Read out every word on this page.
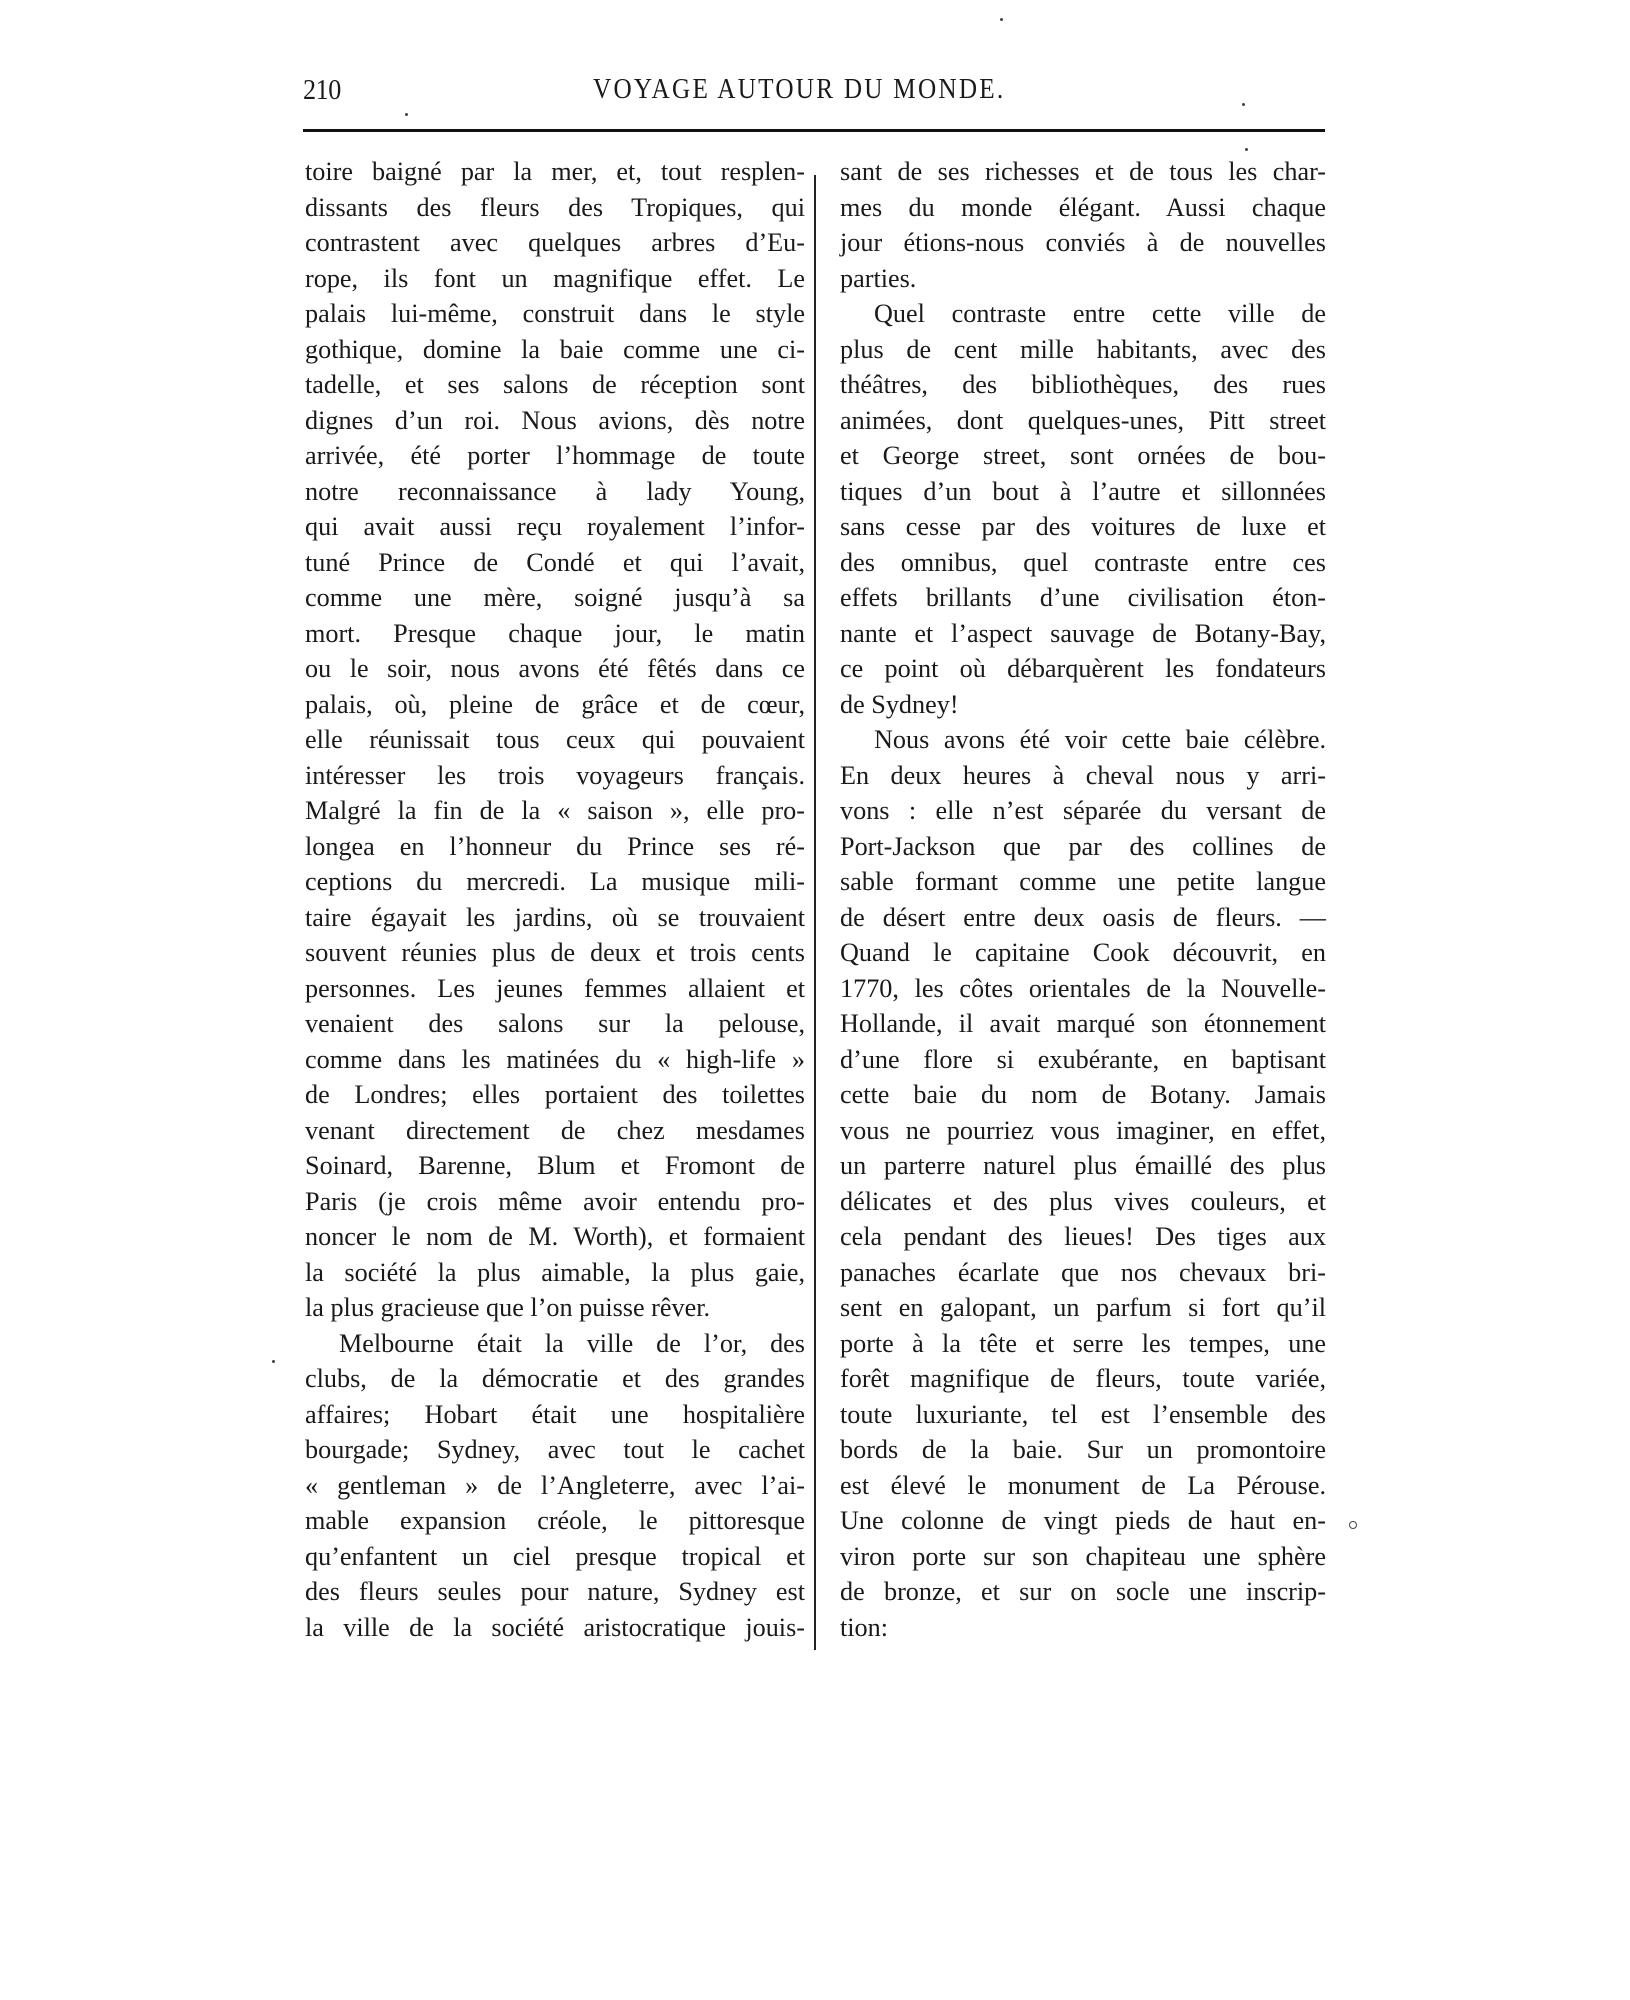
210	VOYAGE AUTOUR DU MONDE.
toire baigné par la mer, et, tout resplen-
dissants des fleurs des Tropiques, qui
contrastent avec quelques arbres d’Eu-
rope, ils font un magnifique effet. Le
palais lui-même, construit dans le style
gothique, domine la baie comme une ci-
tadelle, et ses salons de réception sont
dignes d’un roi. Nous avions, dès notre
arrivée, été porter l’hommage de toute
notre reconnaissance à lady Young,
qui avait aussi reçu royalement l’infor-
tuné Prince de Condé et qui l’avait,
comme une mère, soigné jusqu’à sa
mort. Presque chaque jour, le matin
ou le soir, nous avons été fêtés dans ce
palais, où, pleine de grâce et de cœur,
elle réunissait tous ceux qui pouvaient
intéresser les trois voyageurs français.
Malgré la fin de la « saison », elle pro-
longea en l’honneur du Prince ses ré-
ceptions du mercredi. La musique mili-
taire égayait les jardins, où se trouvaient
souvent réunies plus de deux et trois cents
personnes. Les jeunes femmes allaient et
venaient des salons sur la pelouse,
comme dans les matinées du « high-life »
de Londres; elles portaient des toilettes
venant directement de chez mesdames
Soinard, Barenne, Blum et Fromont de
Paris (je crois même avoir entendu pro-
noncer le nom de M. Worth), et formaient
la société la plus aimable, la plus gaie,
la plus gracieuse que l’on puisse rêver.
Melbourne était la ville de l’or, des
clubs, de la démocratie et des grandes
affaires; Hobart était une hospitalière
bourgade; Sydney, avec tout le cachet
« gentleman » de l’Angleterre, avec l’ai-
mable expansion créole, le pittoresque
qu’enfantent un ciel presque tropical et
des fleurs seules pour nature, Sydney est
la ville de la société aristocratique jouis-
sant de ses richesses et de tous les char-
mes du monde élégant. Aussi chaque
jour étions-nous conviés à de nouvelles
parties.
Quel contraste entre cette ville de
plus de cent mille habitants, avec des
théâtres, des bibliothèques, des rues
animées, dont quelques-unes, Pitt street
et George street, sont ornées de bou-
tiques d’un bout à l’autre et sillonnées
sans cesse par des voitures de luxe et
des omnibus, quel contraste entre ces
effets brillants d’une civilisation éton-
nante et l’aspect sauvage de Botany-Bay,
ce point où débarquèrent les fondateurs
de Sydney!
Nous avons été voir cette baie célèbre.
En deux heures à cheval nous y arri-
vons : elle n’est séparée du versant de
Port-Jackson que par des collines de
sable formant comme une petite langue
de désert entre deux oasis de fleurs. —
Quand le capitaine Cook découvrit, en
1770, les côtes orientales de la Nouvelle-
Hollande, il avait marqué son étonnement
d’une flore si exubérante, en baptisant
cette baie du nom de Botany. Jamais
vous ne pourriez vous imaginer, en effet,
un parterre naturel plus émaillé des plus
délicates et des plus vives couleurs, et
cela pendant des lieues! Des tiges aux
panaches écarlate que nos chevaux bri-
sent en galopant, un parfum si fort qu’il
porte à la tête et serre les tempes, une
forêt magnifique de fleurs, toute variée,
toute luxuriante, tel est l’ensemble des
bords de la baie. Sur un promontoire
est élevé le monument de La Pérouse.
Une colonne de vingt pieds de haut en-
viron porte sur son chapiteau une sphère
de bronze, et sur on socle une inscrip-
tion:
